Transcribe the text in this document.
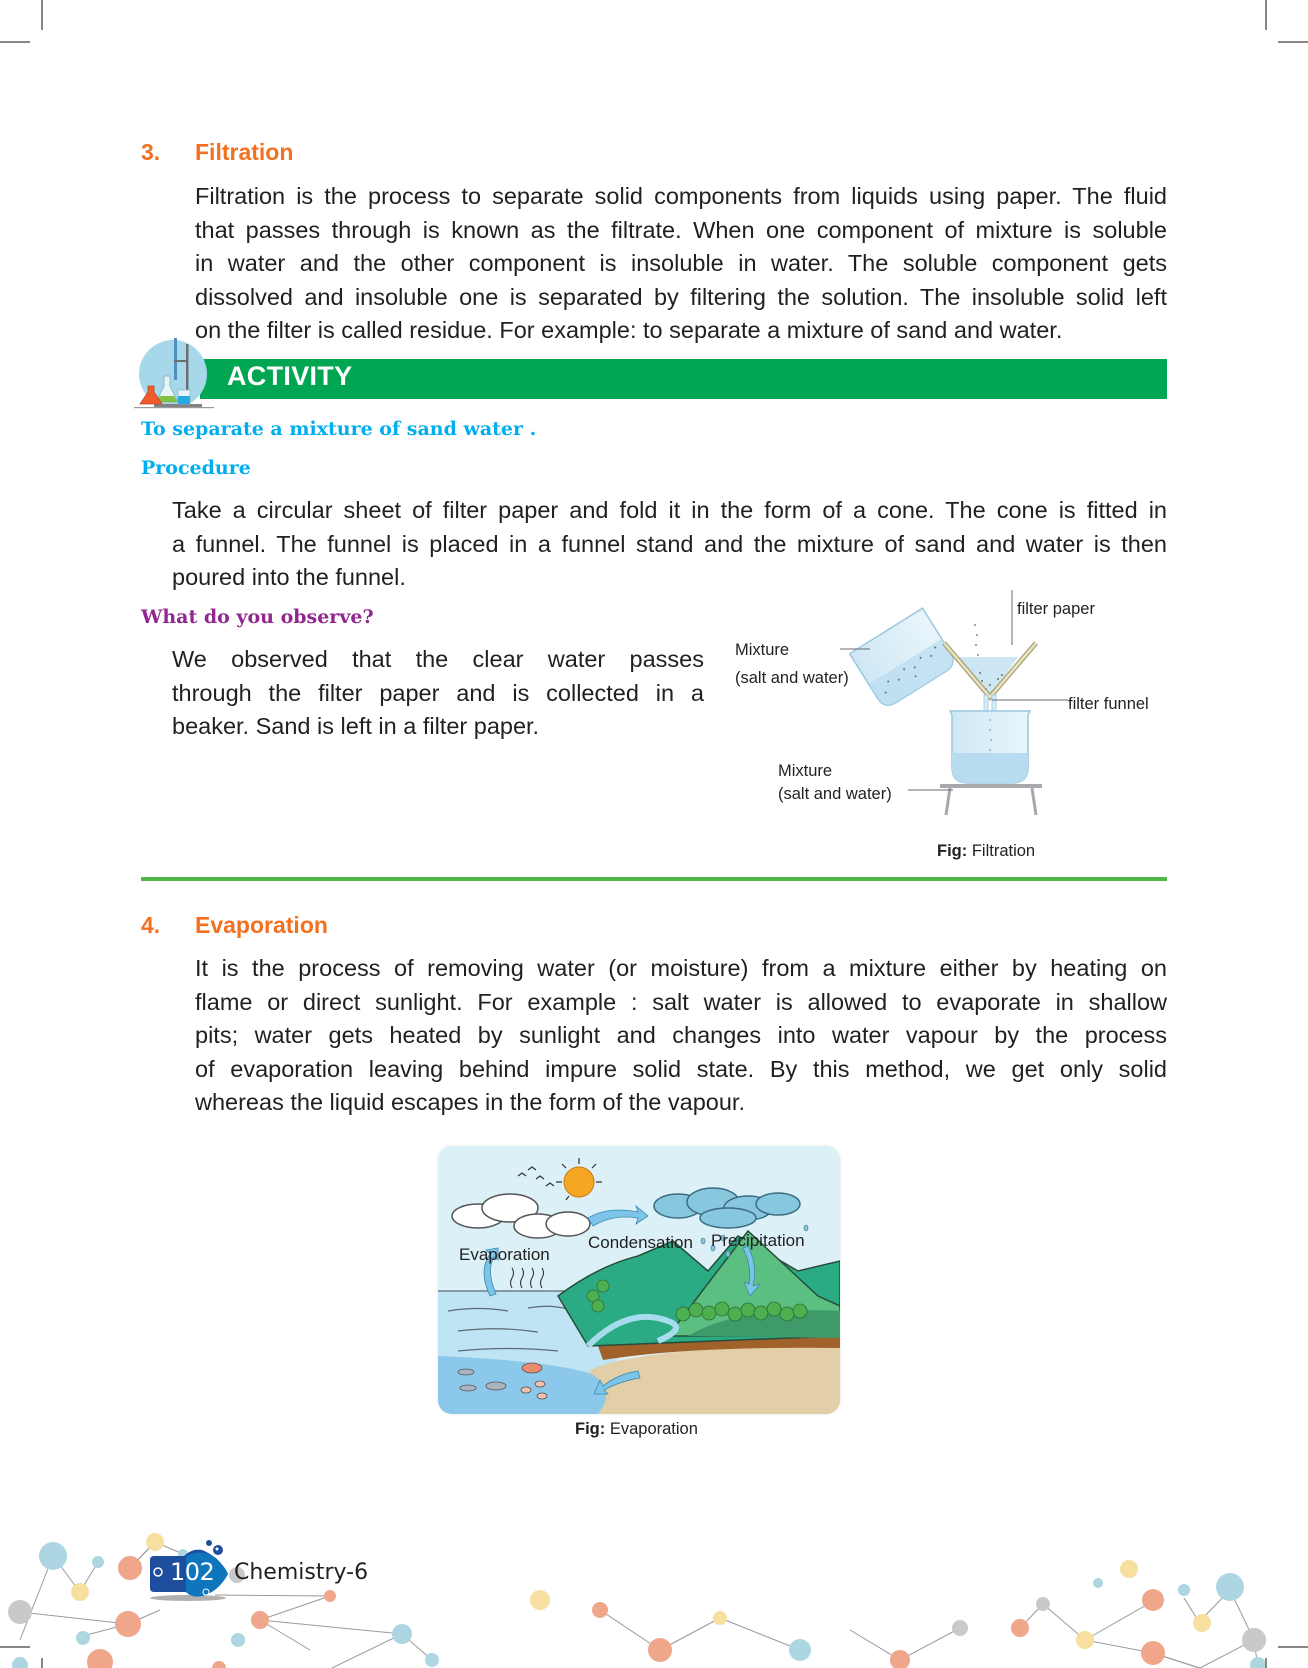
3.	Filtration
Filtration is the process to separate solid components from liquids using paper. The fluid
that passes through is known as the filtrate. When one component of mixture is soluble
in water and the other component is insoluble in water. The soluble component gets
dissolved and insoluble one is separated by filtering the solution. The insoluble solid left
on the filter is called residue. For example: to separate a mixture of sand and water.
ACTIVITY
To separate a mixture of sand water .
Procedure
Take a circular sheet of filter paper and fold it in the form of a cone. The cone is fitted in
a funnel. The funnel is placed in a funnel stand and the mixture of sand and water is then
poured into the funnel.
What do you observe?
We observed that the clear water passes
through the filter paper and is collected in a
beaker. Sand is left in a filter paper.
filter paper
filter funnel
Mixture
(salt and water)
Mixture
(salt and water)
Fig: Filtration
4.	Evaporation
It is the process of removing water (or moisture) from a mixture either by heating on
flame or direct sunlight. For example : salt water is allowed to evaporate in shallow
pits; water gets heated by sunlight and changes into water vapour by the process
of evaporation leaving behind impure solid state. By this method, we get only solid
whereas the liquid escapes in the form of the vapour.
Evaporation
Condensation Precipitation
Fig: Evaporation
102 Chemistry-6
